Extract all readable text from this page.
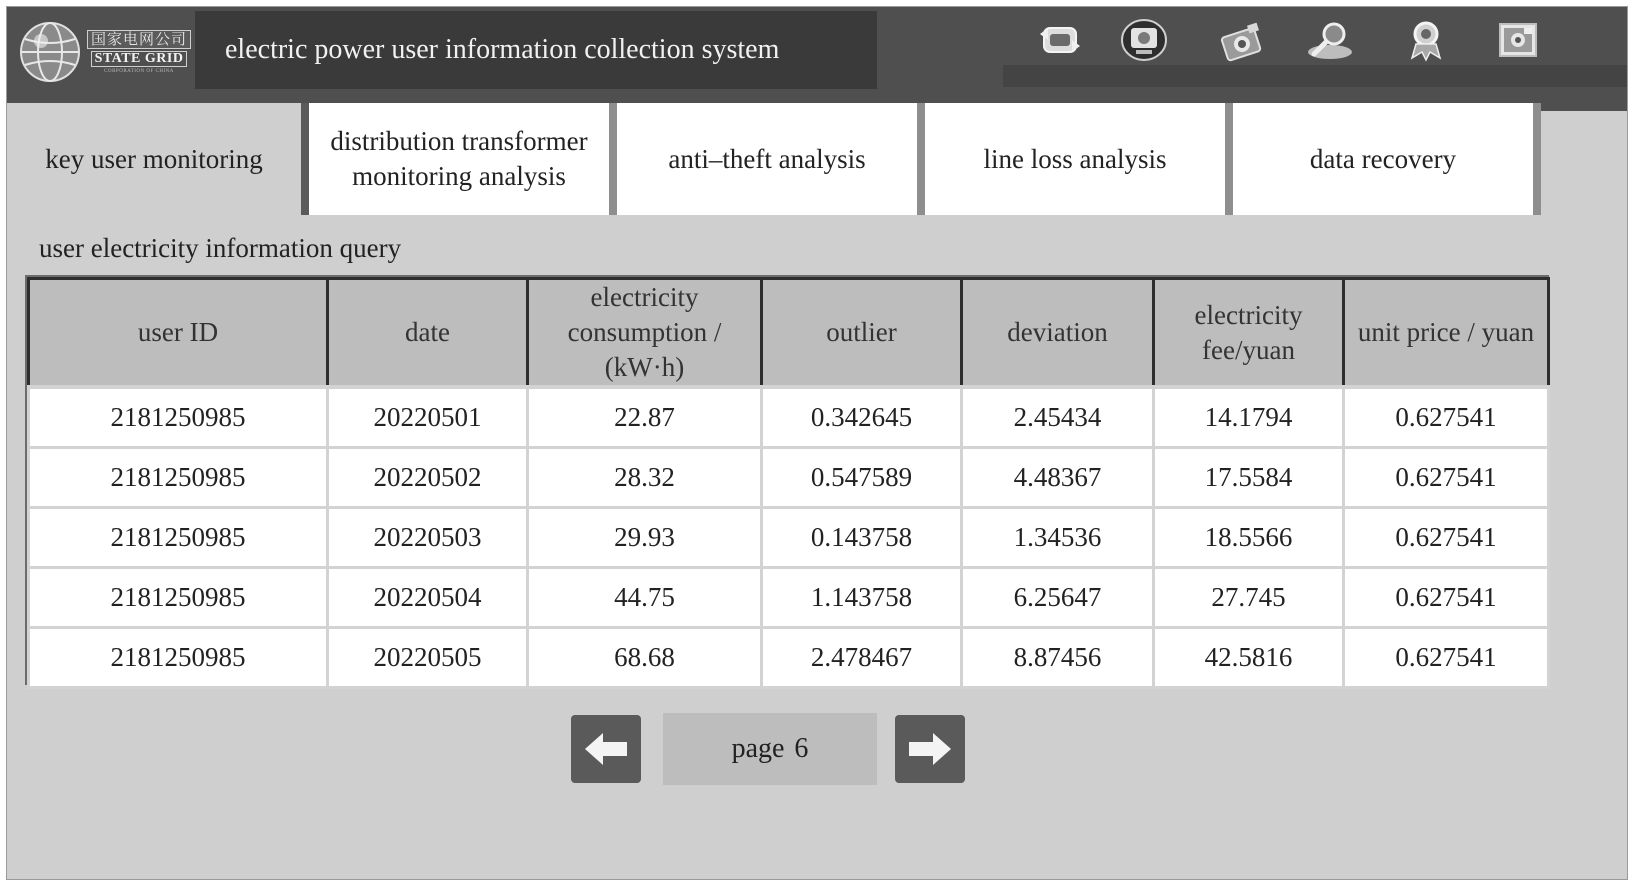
国家电网公司
STATE GRID
CORPORATION OF CHINA
electric power user information collection system
key user monitoring
distribution transformer monitoring analysis
anti–theft analysis	line loss analysis	data recovery
user electricity information query
user ID	date	electricity consumption / (kW·h)	outlier	deviation	electricity fee/yuan	unit price / yuan
2181250985	20220501	22.87	0.342645	2.45434	14.1794	0.627541
2181250985	20220502	28.32	0.547589	4.48367	17.5584	0.627541
2181250985	20220503	29.93	0.143758	1.34536	18.5566	0.627541
2181250985	20220504	44.75	1.143758	6.25647	27.745	0.627541
2181250985	20220505	68.68	2.478467	8.87456	42.5816	0.627541
page 6
